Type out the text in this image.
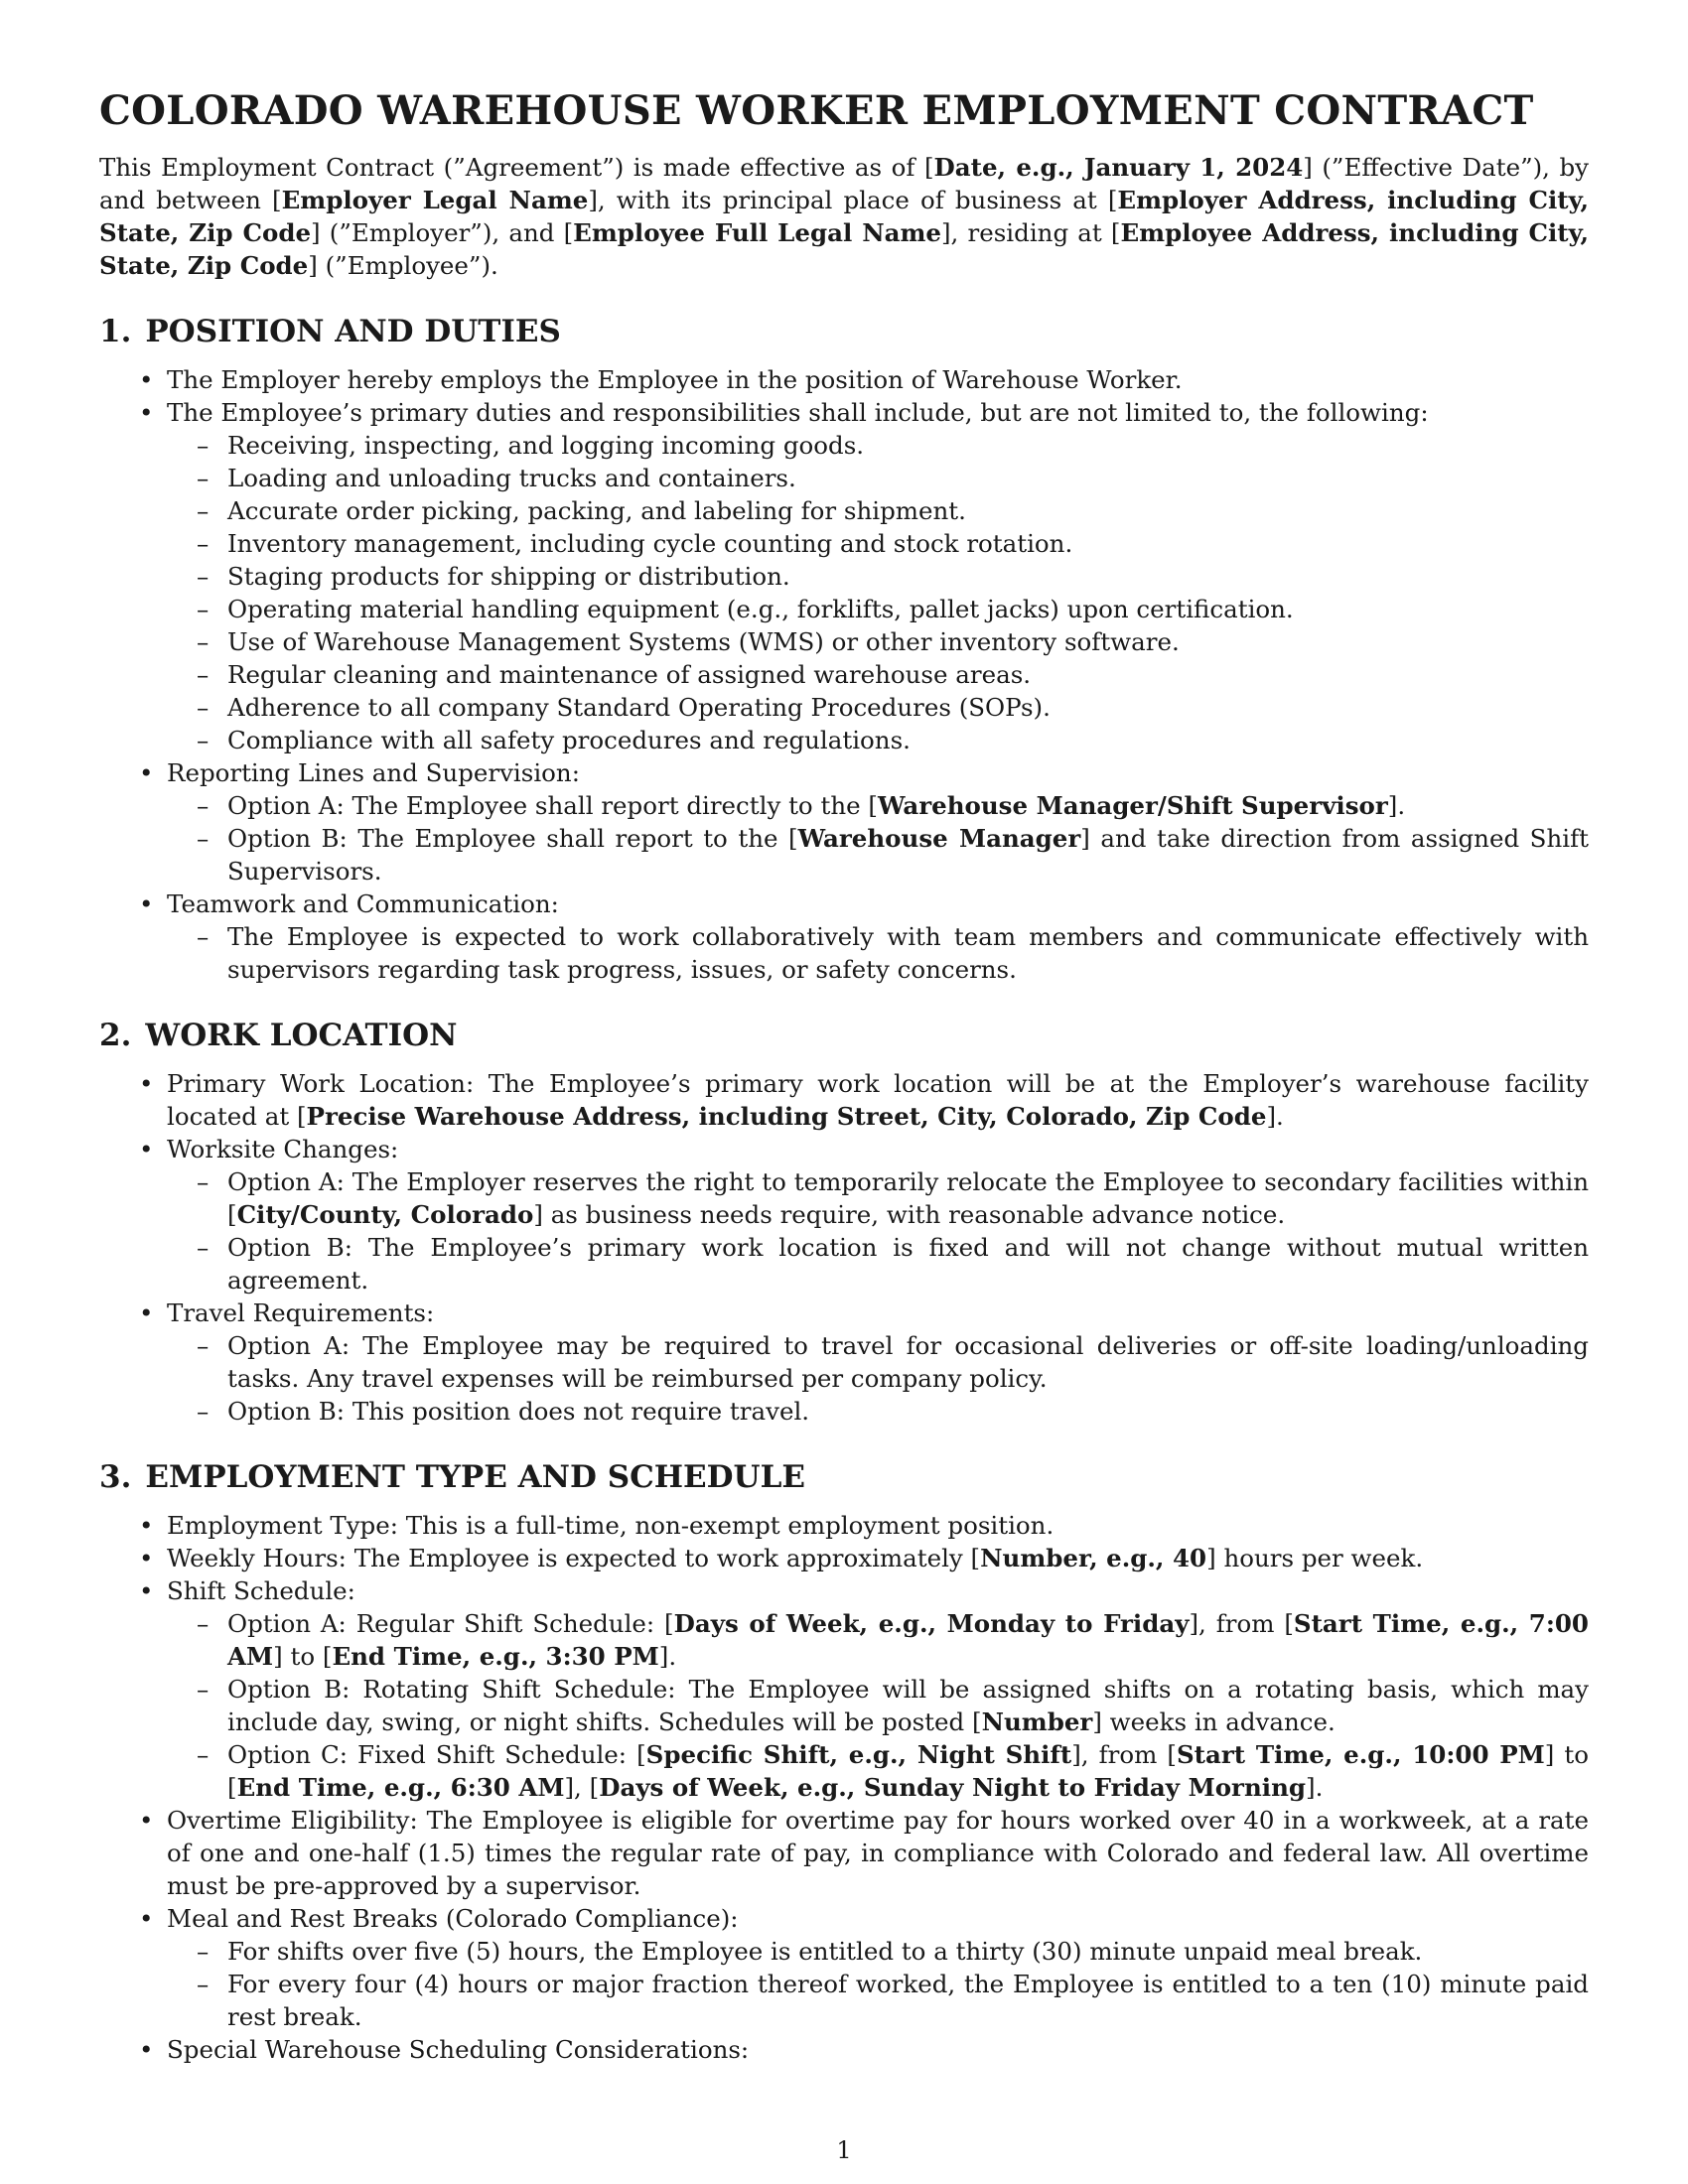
COLORADO WAREHOUSE WORKER EMPLOYMENT CONTRACT

This Employment Contract (”Agreement”) is made effective as of [Date, e.g., January 1, 2024] (”Effective Date”), by and between [Employer Legal Name], with its principal place of business at [Employer Address, including City, State, Zip Code] (”Employer”), and [Employee Full Legal Name], residing at [Employee Address, including City, State, Zip Code] (”Employee”).

1. POSITION AND DUTIES
• The Employer hereby employs the Employee in the position of Warehouse Worker.
• The Employee’s primary duties and responsibilities shall include, but are not limited to, the following:
– Receiving, inspecting, and logging incoming goods.
– Loading and unloading trucks and containers.
– Accurate order picking, packing, and labeling for shipment.
– Inventory management, including cycle counting and stock rotation.
– Staging products for shipping or distribution.
– Operating material handling equipment (e.g., forklifts, pallet jacks) upon certification.
– Use of Warehouse Management Systems (WMS) or other inventory software.
– Regular cleaning and maintenance of assigned warehouse areas.
– Adherence to all company Standard Operating Procedures (SOPs).
– Compliance with all safety procedures and regulations.
• Reporting Lines and Supervision:
– Option A: The Employee shall report directly to the [Warehouse Manager/Shift Supervisor].
– Option B: The Employee shall report to the [Warehouse Manager] and take direction from assigned Shift Supervisors.
• Teamwork and Communication:
– The Employee is expected to work collaboratively with team members and communicate effectively with supervisors regarding task progress, issues, or safety concerns.
2. WORK LOCATION
• Primary Work Location: The Employee’s primary work location will be at the Employer’s warehouse facility located at [Precise Warehouse Address, including Street, City, Colorado, Zip Code].
• Worksite Changes:
– Option A: The Employer reserves the right to temporarily relocate the Employee to secondary facilities within [City/County, Colorado] as business needs require, with reasonable advance notice.
– Option B: The Employee’s primary work location is fixed and will not change without mutual written agreement.
• Travel Requirements:
– Option A: The Employee may be required to travel for occasional deliveries or off-site loading/unloading tasks. Any travel expenses will be reimbursed per company policy.
– Option B: This position does not require travel.
3. EMPLOYMENT TYPE AND SCHEDULE
• Employment Type: This is a full-time, non-exempt employment position.
• Weekly Hours: The Employee is expected to work approximately [Number, e.g., 40] hours per week.
• Shift Schedule:
– Option A: Regular Shift Schedule: [Days of Week, e.g., Monday to Friday], from [Start Time, e.g., 7:00 AM] to [End Time, e.g., 3:30 PM].
– Option B: Rotating Shift Schedule: The Employee will be assigned shifts on a rotating basis, which may include day, swing, or night shifts. Schedules will be posted [Number] weeks in advance.
– Option C: Fixed Shift Schedule: [Specific Shift, e.g., Night Shift], from [Start Time, e.g., 10:00 PM] to [End Time, e.g., 6:30 AM], [Days of Week, e.g., Sunday Night to Friday Morning].
• Overtime Eligibility: The Employee is eligible for overtime pay for hours worked over 40 in a workweek, at a rate of one and one-half (1.5) times the regular rate of pay, in compliance with Colorado and federal law. All overtime must be pre-approved by a supervisor.
• Meal and Rest Breaks (Colorado Compliance):
– For shifts over five (5) hours, the Employee is entitled to a thirty (30) minute unpaid meal break.
– For every four (4) hours or major fraction thereof worked, the Employee is entitled to a ten (10) minute paid rest break.
• Special Warehouse Scheduling Considerations:
1
